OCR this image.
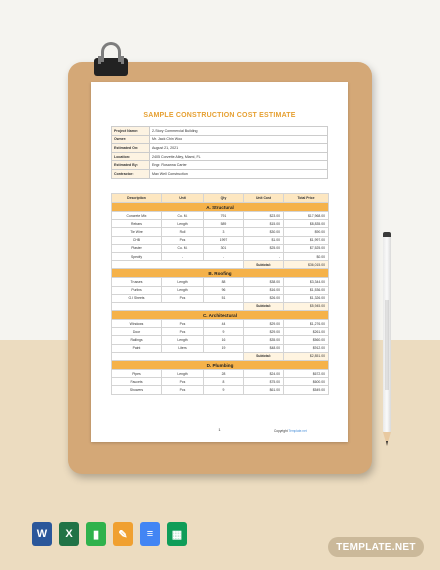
SAMPLE CONSTRUCTION COST ESTIMATE
Project Name:	2-Story Commercial Building
Owner:	Mr. Jack Chin Woo
Estimated On:	August 21, 2021
Location:	2405 Corvette Alley, Miami, FL
Estimated By:	Engr. Rosanna Carter
Contractor:	Max Well Construction
Description	Unit	Qty	Unit Cost	Total Price
A. Structural				
Concrete Mix	Cu. M.	791	$23.00	$17,968.00
Rebars	Length	589	$15.00	$8,835.00
Tie Wire	Roll	3	$30.00	$90.00
CHB	Pcs	1997	$1.00	$1,997.00
Plaster	Cu. M.	301	$25.00	$7,525.00
Specify	-	-	-	$0.00
			Subtotal:	$36,015.00
B. Roofing				
Trusses	Length	88	$38.00	$3,344.00
Purlins	Length	96	$16.00	$1,536.00
G.I Sheets	Pcs	51	$26.00	$1,326.00
			Subtotal:	$5,945.00
C. Architectural				
Windows	Pcs	44	$29.00	$1,276.00
Door	Pcs	9	$29.00	$261.00
Railings	Length	16	$35.00	$560.00
Paint	Liters	19	$48.00	$912.00
			Subtotal:	$2,851.00
D. Plumbing				
Pipes	Length	28	$24.00	$672.00
Faucets	Pcs	8	$75.00	$600.00
Showers	Pcs	9	$61.00	$549.00
1	Copyright Template.net
W	X	▮	✎	≡	▦
TEMPLATE.NET
